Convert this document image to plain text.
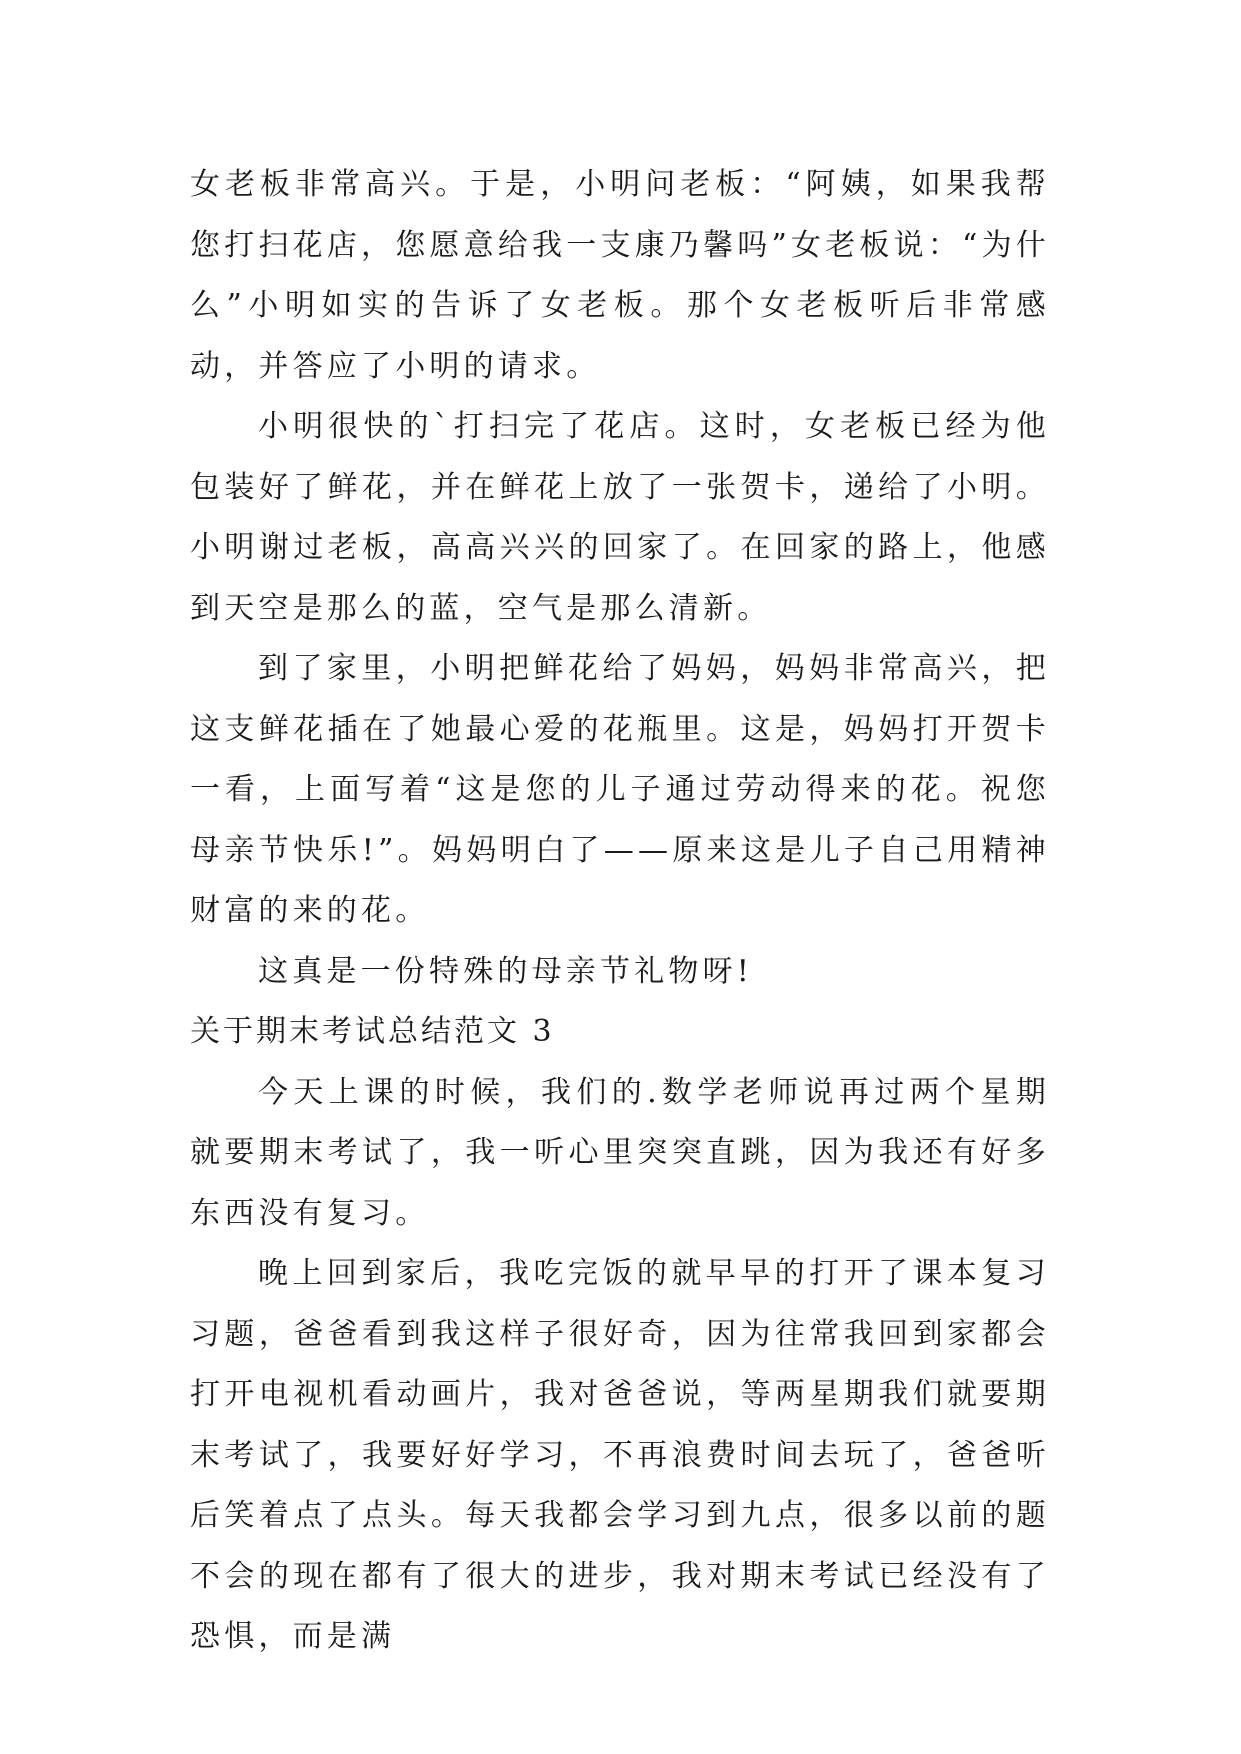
女老板非常高兴。于是，小明问老板：“阿姨，如果我帮您打扫花店，您愿意给我一支康乃馨吗”女老板说：“为什么”小明如实的告诉了女老板。那个女老板听后非常感动，并答应了小明的请求。

小明很快的`打扫完了花店。这时，女老板已经为他包装好了鲜花，并在鲜花上放了一张贺卡，递给了小明。小明谢过老板，高高兴兴的回家了。在回家的路上，他感到天空是那么的蓝，空气是那么清新。

到了家里，小明把鲜花给了妈妈，妈妈非常高兴，把这支鲜花插在了她最心爱的花瓶里。这是，妈妈打开贺卡一看，上面写着“这是您的儿子通过劳动得来的花。祝您母亲节快乐!”。妈妈明白了——原来这是儿子自己用精神财富的来的花。

这真是一份特殊的母亲节礼物呀!

关于期末考试总结范文 3

今天上课的时候，我们的.数学老师说再过两个星期就要期末考试了，我一听心里突突直跳，因为我还有好多东西没有复习。

晚上回到家后，我吃完饭的就早早的打开了课本复习习题，爸爸看到我这样子很好奇，因为往常我回到家都会打开电视机看动画片，我对爸爸说，等两星期我们就要期末考试了，我要好好学习，不再浪费时间去玩了，爸爸听后笑着点了点头。每天我都会学习到九点，很多以前的题不会的现在都有了很大的进步，我对期末考试已经没有了恐惧，而是满
